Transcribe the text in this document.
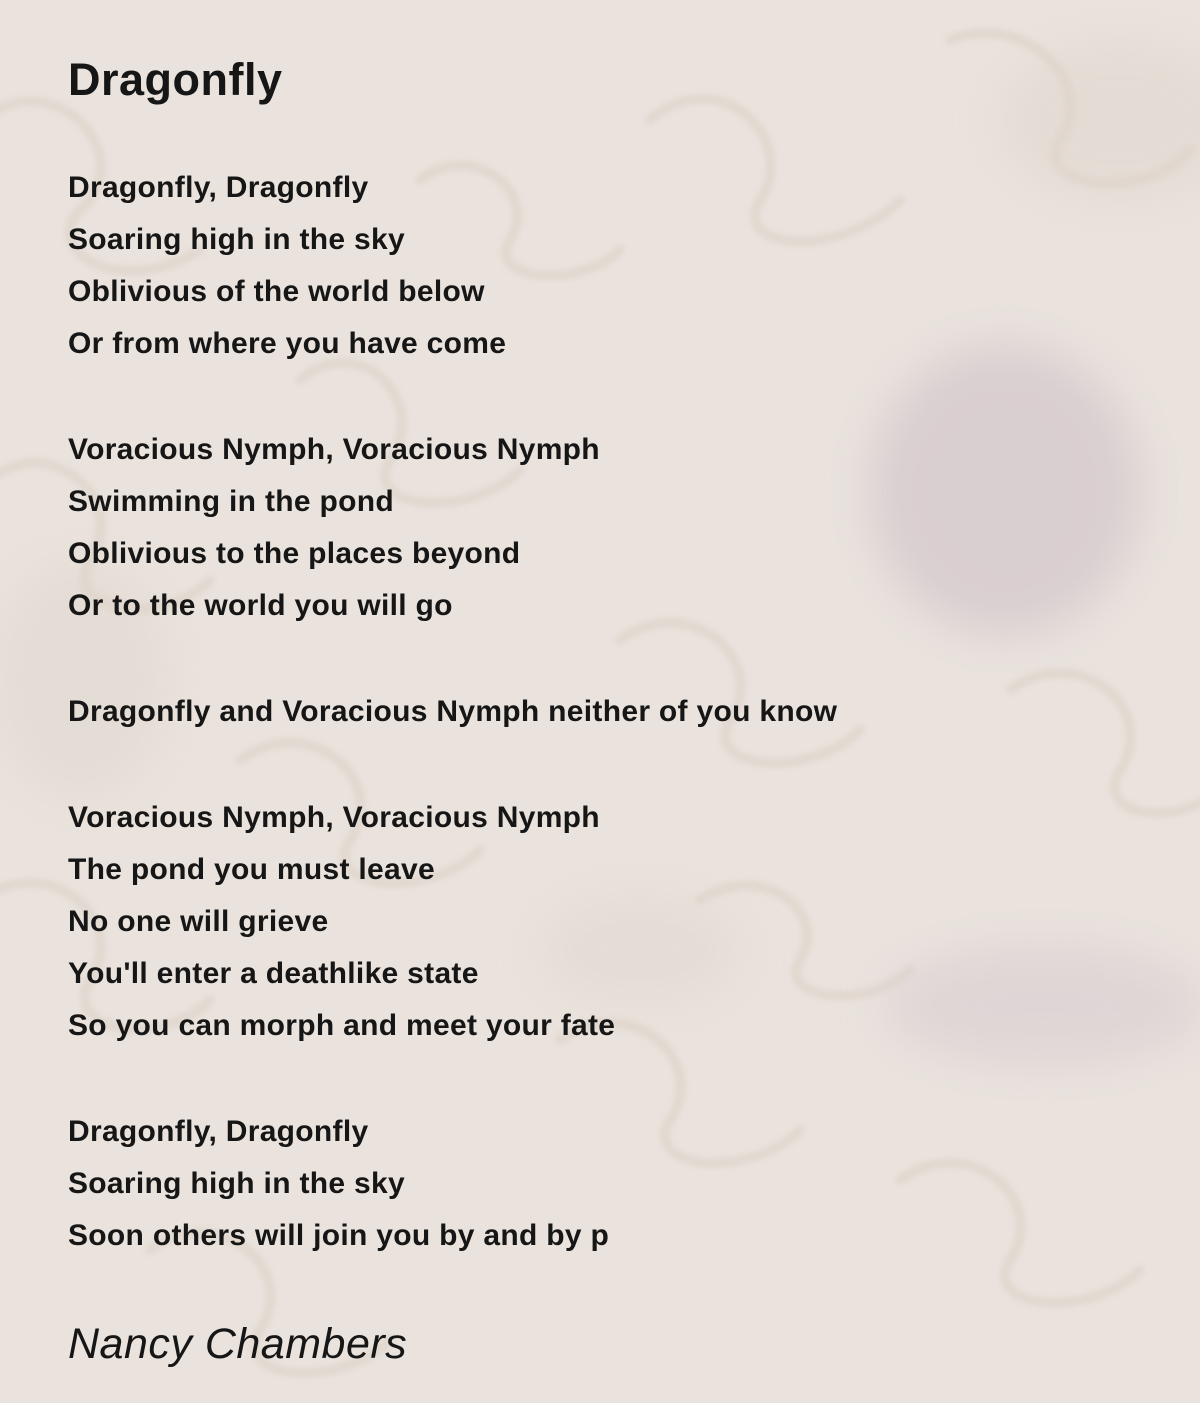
Dragonfly

Dragonfly, Dragonfly

Soaring high in the sky

Oblivious of the world below

Or from where you have come

Voracious Nymph, Voracious Nymph

Swimming in the pond

Oblivious to the places beyond

Or to the world you will go

Dragonfly and Voracious Nymph neither of you know

Voracious Nymph, Voracious Nymph

The pond you must leave

No one will grieve

You'll enter a deathlike state

So you can morph and meet your fate

Dragonfly, Dragonfly

Soaring high in the sky

Soon others will join you by and by p

Nancy Chambers
